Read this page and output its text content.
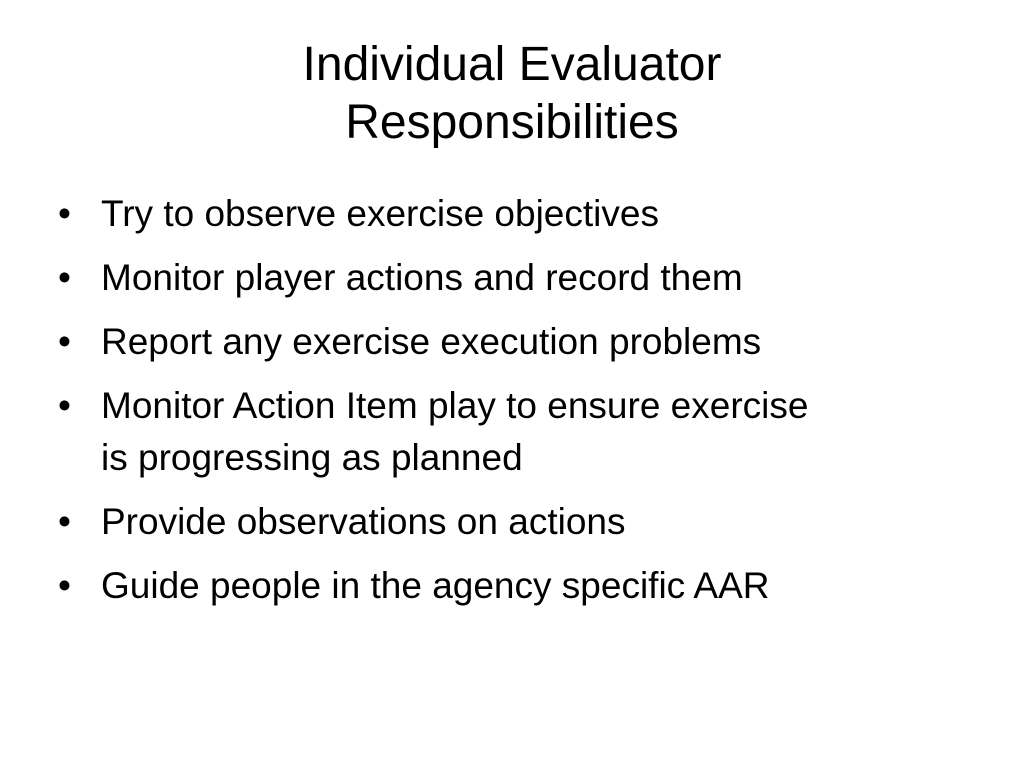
Individual Evaluator
Responsibilities
• Try to observe exercise objectives
• Monitor player actions and record them
• Report any exercise execution problems
• Monitor Action Item play to ensure exercise is progressing as planned
• Provide observations on actions
• Guide people in the agency specific AAR
